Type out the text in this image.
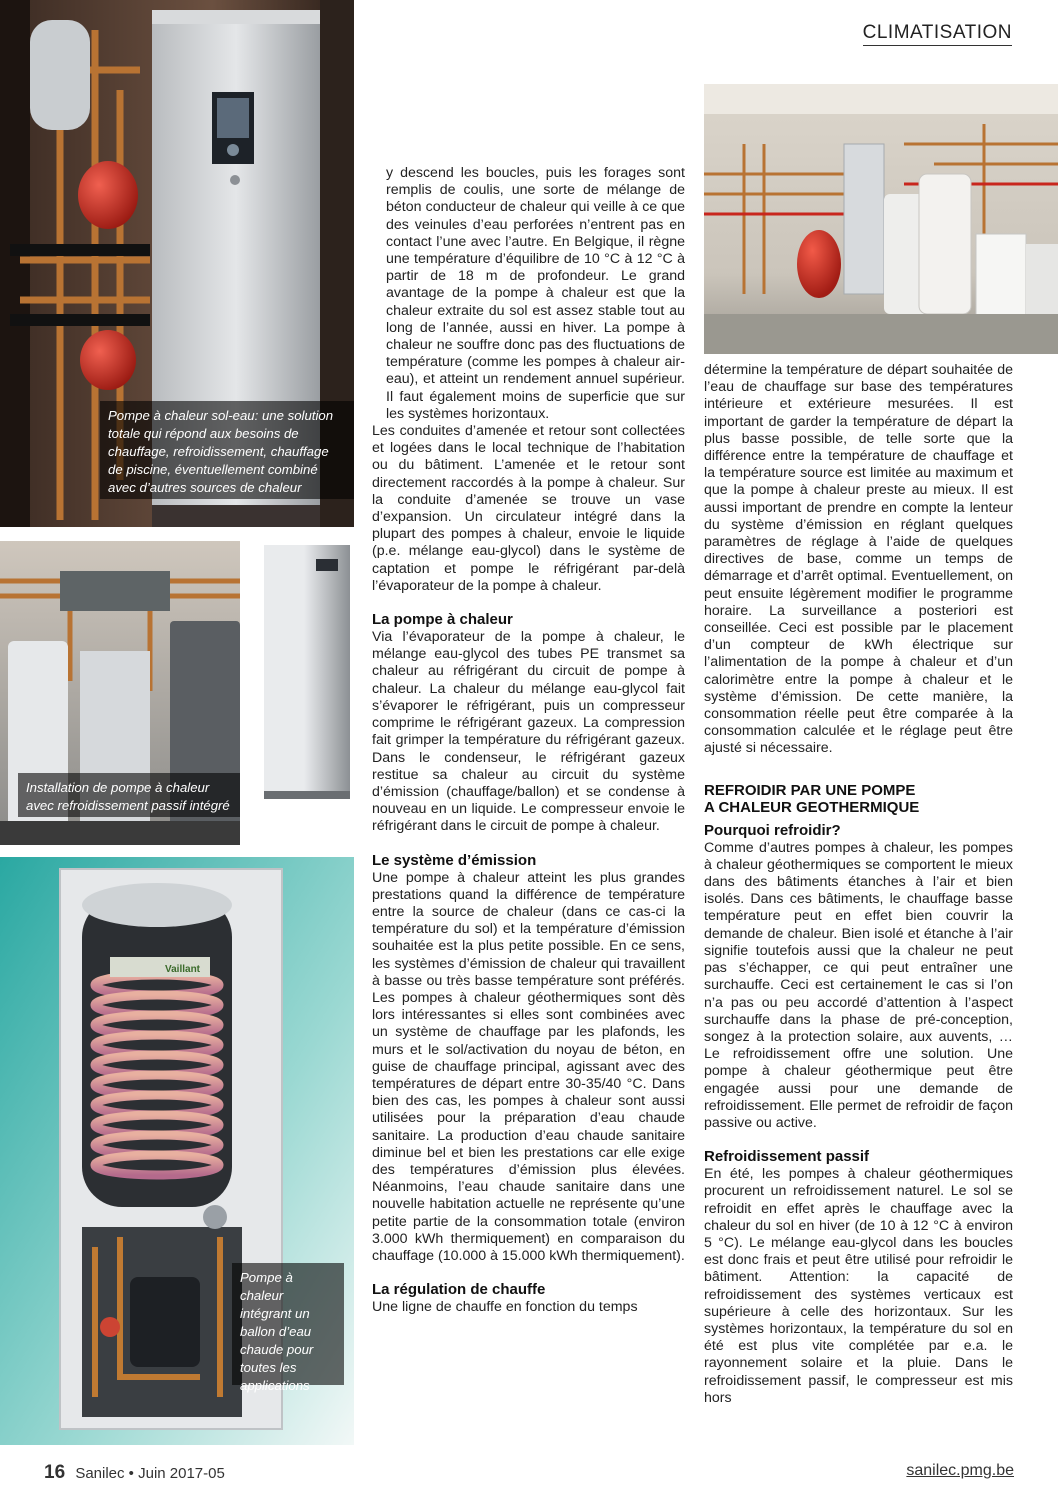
CLIMATISATION
Pompe à chaleur sol-eau: une solution totale qui répond aux besoins de chauffage, refroidissement, chauffage de piscine, éventuellement combiné avec d’autres sources de chaleur
Installation de pompe à chaleur avec refroidissement passif intégré
Vaillant
Pompe à chaleur intégrant un ballon d’eau chaude pour toutes les applications

y descend les boucles, puis les forages sont remplis de coulis, une sorte de mélange de béton conducteur de chaleur qui veille à ce que des veinules d’eau perforées n’entrent pas en contact l’une avec l’autre. En Belgique, il règne une température d’équilibre de 10 °C à 12 °C à partir de 18 m de profondeur. Le grand avantage de la pompe à chaleur est que la chaleur extraite du sol est assez stable tout au long de l’année, aussi en hiver. La pompe à chaleur ne souffre donc pas des fluctuations de température (comme les pompes à chaleur air-eau), et atteint un rendement annuel supérieur. Il faut également moins de superficie que sur les systèmes horizontaux.

Les conduites d’amenée et retour sont collectées et logées dans le local technique de l’habitation ou du bâtiment. L’amenée et le retour sont directement raccordés à la pompe à chaleur. Sur la conduite d’amenée se trouve un vase d’expansion. Un circulateur intégré dans la plupart des pompes à chaleur, envoie le liquide (p.e. mélange eau-glycol) dans le système de captation et pompe le réfrigérant par-delà l’évaporateur de la pompe à chaleur.

La pompe à chaleur

Via l’évaporateur de la pompe à chaleur, le mélange eau-glycol des tubes PE transmet sa chaleur au réfrigérant du circuit de pompe à chaleur. La chaleur du mélange eau-glycol fait s’évaporer le réfrigérant, puis un compresseur comprime le réfrigérant gazeux. La compression fait grimper la température du réfrigérant gazeux. Dans le condenseur, le réfrigérant gazeux restitue sa chaleur au circuit du système d’émission (chauffage/ballon) et se condense à nouveau en un liquide. Le compresseur envoie le réfrigérant dans le circuit de pompe à chaleur.

Le système d’émission

Une pompe à chaleur atteint les plus grandes prestations quand la différence de température entre la source de chaleur (dans ce cas-ci la température du sol) et la température d’émission souhaitée est la plus petite possible. En ce sens, les systèmes d’émission de chaleur qui travaillent à basse ou très basse température sont préférés. Les pompes à chaleur géothermiques sont dès lors intéressantes si elles sont combinées avec un système de chauffage par les plafonds, les murs et le sol/activation du noyau de béton, en guise de chauffage principal, agissant avec des températures de départ entre 30-35/40 °C. Dans bien des cas, les pompes à chaleur sont aussi utilisées pour la préparation d’eau chaude sanitaire. La production d’eau chaude sanitaire diminue bel et bien les prestations car elle exige des températures d’émission plus élevées. Néanmoins, l’eau chaude sanitaire dans une nouvelle habitation actuelle ne représente qu’une petite partie de la consommation totale (environ 3.000 kWh thermiquement) en comparaison du chauffage (10.000 à 15.000 kWh thermiquement).

La régulation de chauffe

Une ligne de chauffe en fonction du temps

détermine la température de départ souhaitée de l’eau de chauffage sur base des températures intérieure et extérieure mesurées. Il est important de garder la température de départ la plus basse possible, de telle sorte que la différence entre la température de chauffage et la température source est limitée au maximum et que la pompe à chaleur preste au mieux. Il est aussi important de prendre en compte la lenteur du système d’émission en réglant quelques paramètres de réglage à l’aide de quelques directives de base, comme un temps de démarrage et d’arrêt optimal. Eventuellement, on peut ensuite légèrement modifier le programme horaire. La surveillance a posteriori est conseillée. Ceci est possible par le placement d’un compteur de kWh électrique sur l’alimentation de la pompe à chaleur et d’un calorimètre entre la pompe à chaleur et le système d’émission. De cette manière, la consommation réelle peut être comparée à la consommation calculée et le réglage peut être ajusté si nécessaire.

REFROIDIR PAR UNE POMPE
A CHALEUR GEOTHERMIQUE
Pourquoi refroidir?

Comme d’autres pompes à chaleur, les pompes à chaleur géothermiques se comportent le mieux dans des bâtiments étanches à l’air et bien isolés. Dans ces bâtiments, le chauffage basse température peut en effet bien couvrir la demande de chaleur. Bien isolé et étanche à l’air signifie toutefois aussi que la chaleur ne peut pas s’échapper, ce qui peut entraîner une surchauffe. Ceci est certainement le cas si l’on n’a pas ou peu accordé d’attention à l’aspect surchauffe dans la phase de pré-conception, songez à la protection solaire, aux auvents, … Le refroidissement offre une solution. Une pompe à chaleur géothermique peut être engagée aussi pour une demande de refroidissement. Elle permet de refroidir de façon passive ou active.

Refroidissement passif

En été, les pompes à chaleur géothermiques procurent un refroidissement naturel. Le sol se refroidit en effet après le chauffage avec la chaleur du sol en hiver (de 10 à 12 °C à environ 5 °C). Le mélange eau-glycol dans les boucles est donc frais et peut être utilisé pour refroidir le bâtiment. Attention: la capacité de refroidissement des systèmes verticaux est supérieure à celle des horizontaux. Sur les systèmes horizontaux, la température du sol en été est plus vite complétée par e.a. le rayonnement solaire et la pluie. Dans le refroidissement passif, le compresseur est mis hors

16 Sanilec • Juin 2017-05	sanilec.pmg.be
